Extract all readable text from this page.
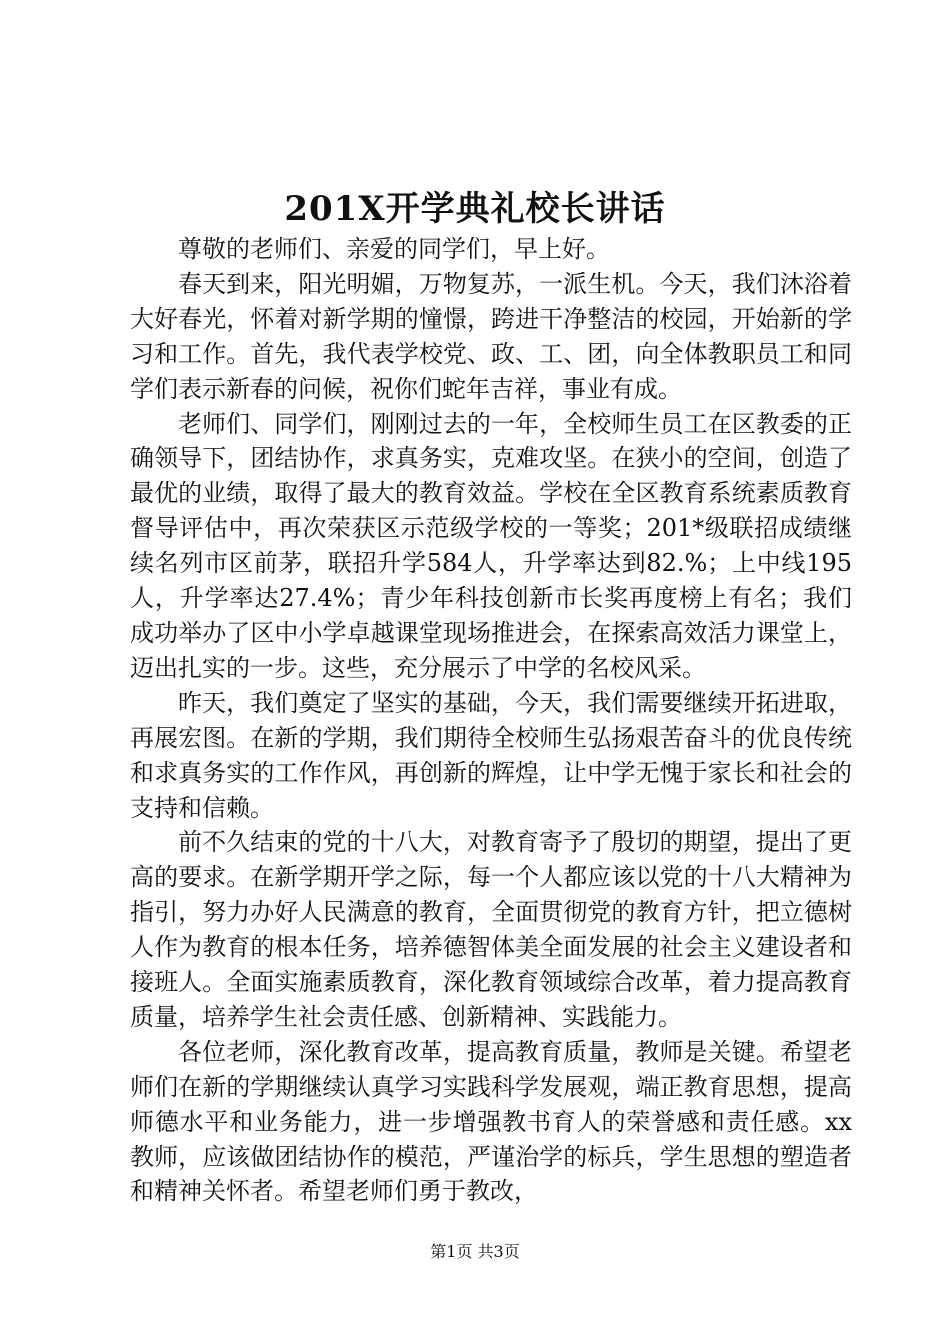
201X开学典礼校长讲话

尊敬的老师们、亲爱的同学们，早上好。

春天到来，阳光明媚，万物复苏，一派生机。今天，我们沐浴着大好春光，怀着对新学期的憧憬，跨进干净整洁的校园，开始新的学习和工作。首先，我代表学校党、政、工、团，向全体教职员工和同学们表示新春的问候，祝你们蛇年吉祥，事业有成。

老师们、同学们，刚刚过去的一年，全校师生员工在区教委的正确领导下，团结协作，求真务实，克难攻坚。在狭小的空间，创造了最优的业绩，取得了最大的教育效益。学校在全区教育系统素质教育督导评估中，再次荣获区示范级学校的一等奖；201*级联招成绩继续名列市区前茅，联招升学584人，升学率达到82.%；上中线195人，升学率达27.4%；青少年科技创新市长奖再度榜上有名；我们成功举办了区中小学卓越课堂现场推进会，在探索高效活力课堂上，迈出扎实的一步。这些，充分展示了中学的名校风采。

昨天，我们奠定了坚实的基础，今天，我们需要继续开拓进取，再展宏图。在新的学期，我们期待全校师生弘扬艰苦奋斗的优良传统和求真务实的工作作风，再创新的辉煌，让中学无愧于家长和社会的支持和信赖。

前不久结束的党的十八大，对教育寄予了殷切的期望，提出了更高的要求。在新学期开学之际，每一个人都应该以党的十八大精神为指引，努力办好人民满意的教育，全面贯彻党的教育方针，把立德树人作为教育的根本任务，培养德智体美全面发展的社会主义建设者和接班人。全面实施素质教育，深化教育领域综合改革，着力提高教育质量，培养学生社会责任感、创新精神、实践能力。

各位老师，深化教育改革，提高教育质量，教师是关键。希望老师们在新的学期继续认真学习实践科学发展观，端正教育思想，提高师德水平和业务能力，进一步增强教书育人的荣誉感和责任感。xx教师，应该做团结协作的模范，严谨治学的标兵，学生思想的塑造者和精神关怀者。希望老师们勇于教改，

第1页 共3页
